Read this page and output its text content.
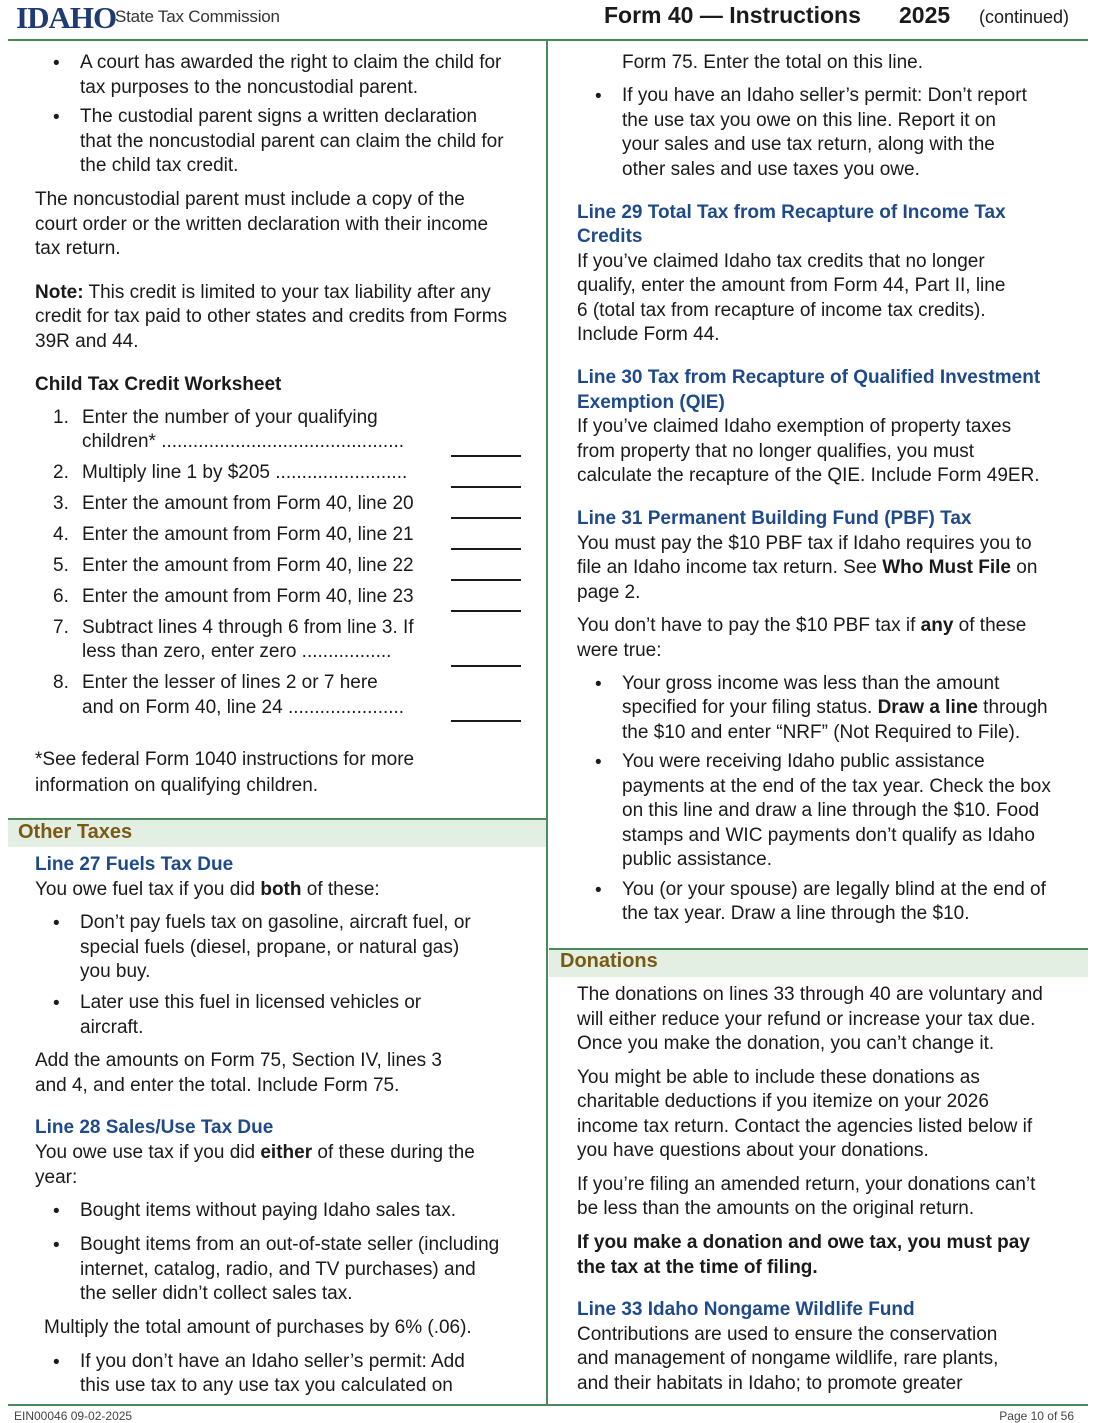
IDAHO
State Tax Commission	Form 40 — Instructions 2025 (continued)
EIN00046 09-02-2025	Page 10 of 56
• A court has awarded the right to claim the child for
tax purposes to the noncustodial parent.
• The custodial parent signs a written declaration
that the noncustodial parent can claim the child for
the child tax credit.
The noncustodial parent must include a copy of the
court order or the written declaration with their income
tax return.
Note: This credit is limited to your tax liability after any
credit for tax paid to other states and credits from Forms
39R and 44.
Child Tax Credit Worksheet
1. Enter the number of your qualifying
children* ..............................................
2. Multiply line 1 by $205 .........................
3. Enter the amount from Form 40, line 20
4. Enter the amount from Form 40, line 21
5. Enter the amount from Form 40, line 22
6. Enter the amount from Form 40, line 23
7. Subtract lines 4 through 6 from line 3. If
less than zero, enter zero .................
8. Enter the lesser of lines 2 or 7 here
and on Form 40, line 24 ......................
*See federal Form 1040 instructions for more
information on qualifying children.
Other Taxes
Line 27 Fuels Tax Due
You owe fuel tax if you did both of these:
• Don’t pay fuels tax on gasoline, aircraft fuel, or
special fuels (diesel, propane, or natural gas)
you buy.
• Later use this fuel in licensed vehicles or
aircraft.
Add the amounts on Form 75, Section IV, lines 3
and 4, and enter the total. Include Form 75.
Line 28 Sales/Use Tax Due
You owe use tax if you did either of these during the
year:
• Bought items without paying Idaho sales tax.
• Bought items from an out-of-state seller (including
internet, catalog, radio, and TV purchases) and
the seller didn’t collect sales tax.
Multiply the total amount of purchases by 6% (.06).
• If you don’t have an Idaho seller’s permit: Add
this use tax to any use tax you calculated on
Form 75. Enter the total on this line.
• If you have an Idaho seller’s permit: Don’t report
the use tax you owe on this line. Report it on
your sales and use tax return, along with the
other sales and use taxes you owe.
Line 29 Total Tax from Recapture of Income Tax
Credits
If you’ve claimed Idaho tax credits that no longer
qualify, enter the amount from Form 44, Part II, line
6 (total tax from recapture of income tax credits).
Include Form 44.
Line 30 Tax from Recapture of Qualified Investment
Exemption (QIE)
If you’ve claimed Idaho exemption of property taxes
from property that no longer qualifies, you must
calculate the recapture of the QIE. Include Form 49ER.
Line 31 Permanent Building Fund (PBF) Tax
You must pay the $10 PBF tax if Idaho requires you to
file an Idaho income tax return. See Who Must File on
page 2.
You don’t have to pay the $10 PBF tax if any of these
were true:
• Your gross income was less than the amount
specified for your filing status. Draw a line through
the $10 and enter “NRF” (Not Required to File).
• You were receiving Idaho public assistance
payments at the end of the tax year. Check the box
on this line and draw a line through the $10. Food
stamps and WIC payments don’t qualify as Idaho
public assistance.
• You (or your spouse) are legally blind at the end of
the tax year. Draw a line through the $10.
Donations
The donations on lines 33 through 40 are voluntary and
will either reduce your refund or increase your tax due.
Once you make the donation, you can’t change it.
You might be able to include these donations as
charitable deductions if you itemize on your 2026
income tax return. Contact the agencies listed below if
you have questions about your donations.
If you’re filing an amended return, your donations can’t
be less than the amounts on the original return.
If you make a donation and owe tax, you must pay
the tax at the time of filing.
Line 33 Idaho Nongame Wildlife Fund
Contributions are used to ensure the conservation
and management of nongame wildlife, rare plants,
and their habitats in Idaho; to promote greater
